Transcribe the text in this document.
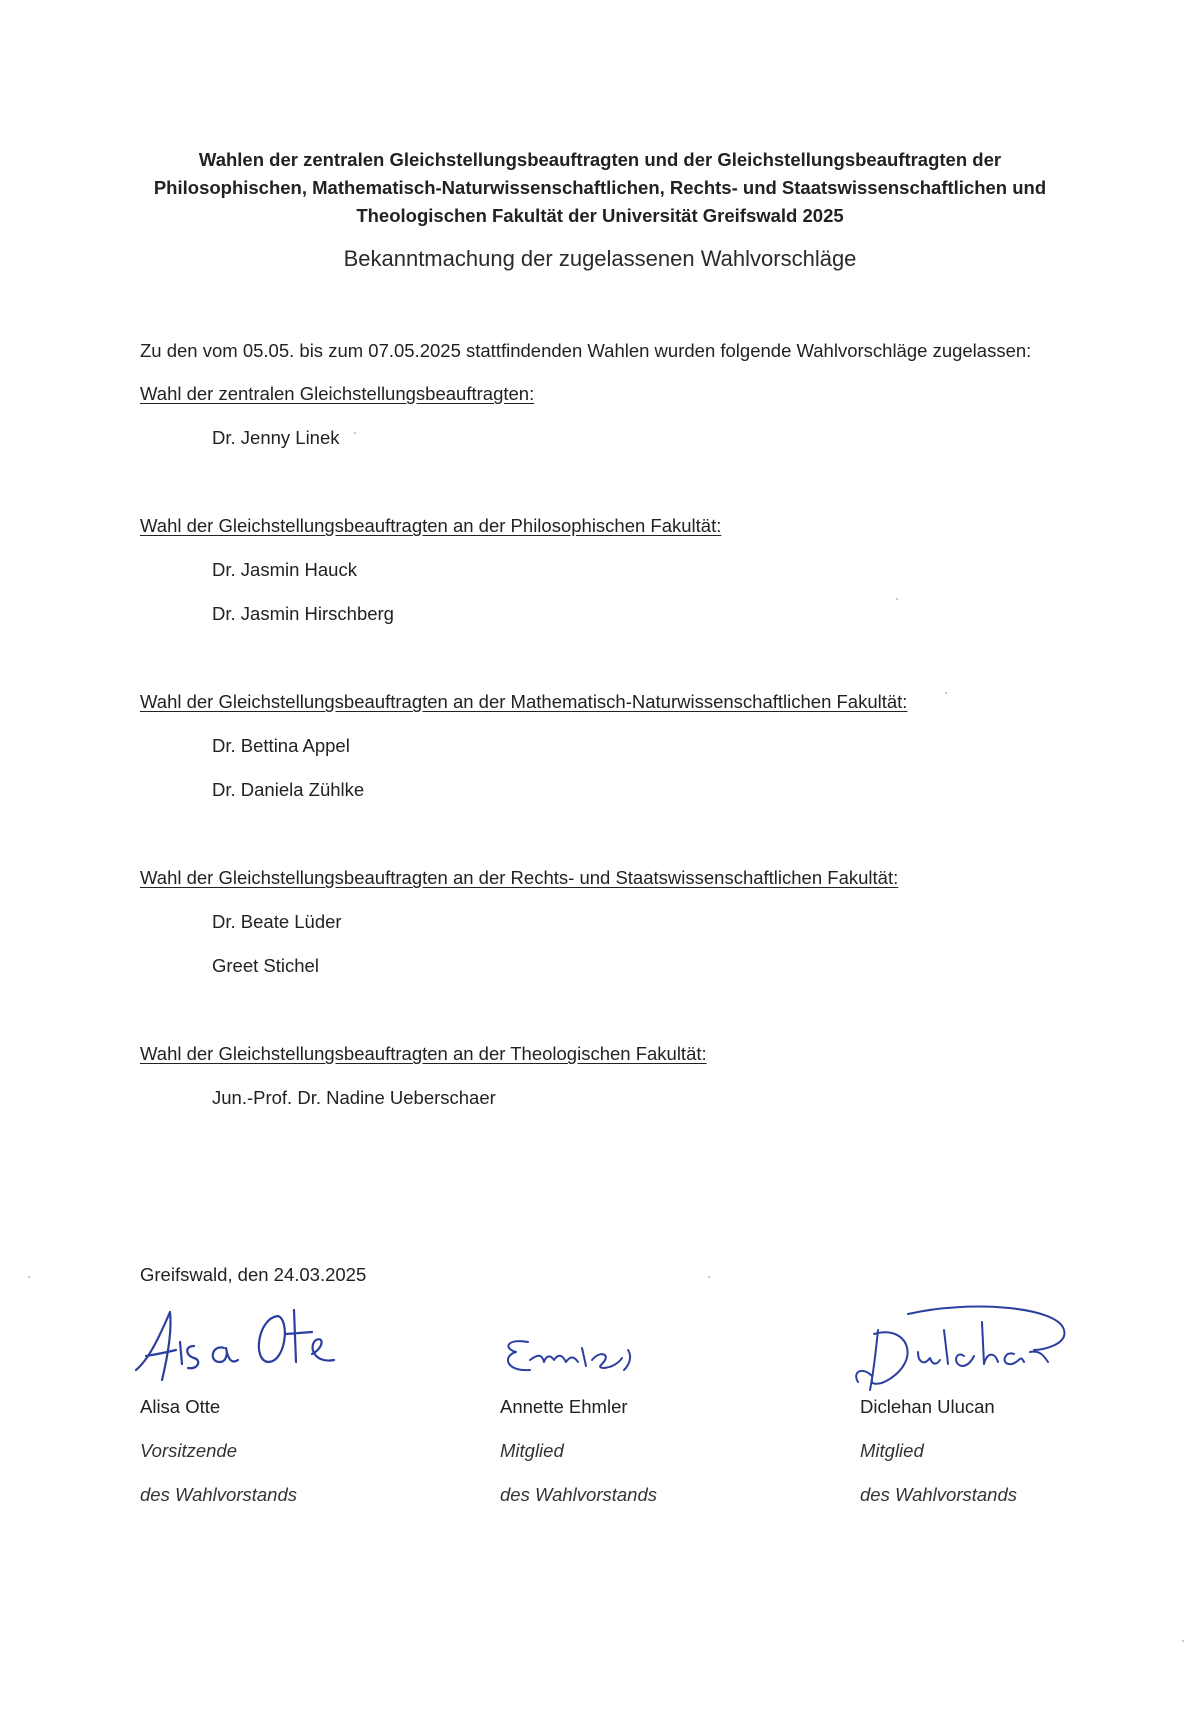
Wahlen der zentralen Gleichstellungsbeauftragten und der Gleichstellungsbeauftragten der
Philosophischen, Mathematisch-Naturwissenschaftlichen, Rechts- und Staatswissenschaftlichen und
Theologischen Fakultät der Universität Greifswald 2025
Bekanntmachung der zugelassenen Wahlvorschläge
Zu den vom 05.05. bis zum 07.05.2025 stattfindenden Wahlen wurden folgende Wahlvorschläge zugelassen:
Wahl der zentralen Gleichstellungsbeauftragten:
Dr. Jenny Linek
Wahl der Gleichstellungsbeauftragten an der Philosophischen Fakultät:
Dr. Jasmin Hauck
Dr. Jasmin Hirschberg
Wahl der Gleichstellungsbeauftragten an der Mathematisch-Naturwissenschaftlichen Fakultät:
Dr. Bettina Appel
Dr. Daniela Zühlke
Wahl der Gleichstellungsbeauftragten an der Rechts- und Staatswissenschaftlichen Fakultät:
Dr. Beate Lüder
Greet Stichel
Wahl der Gleichstellungsbeauftragten an der Theologischen Fakultät:
Jun.-Prof. Dr. Nadine Ueberschaer
Greifswald, den 24.03.2025
Alisa Otte
Vorsitzende
des Wahlvorstands
Annette Ehmler
Mitglied
des Wahlvorstands
Diclehan Ulucan
Mitglied
des Wahlvorstands
